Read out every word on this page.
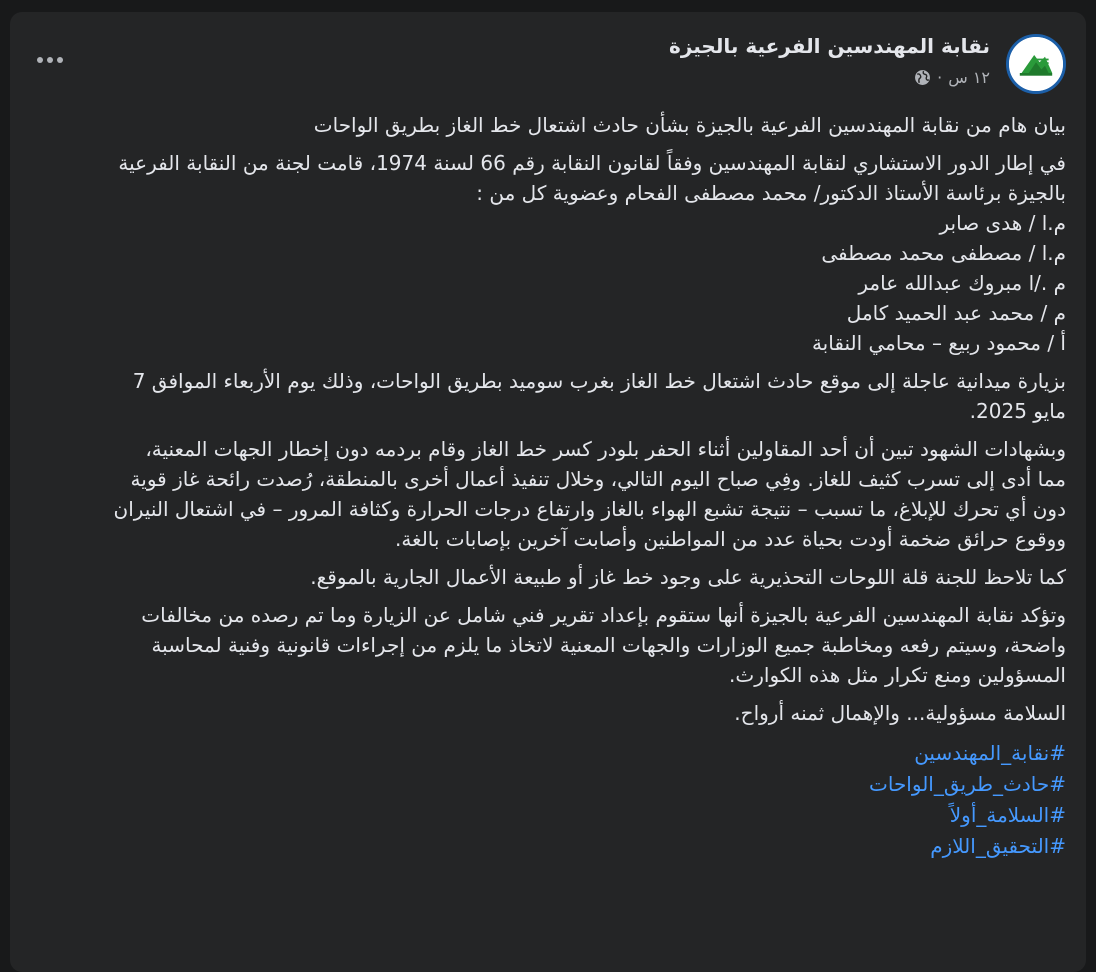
نقابة المهندسين الفرعية بالجيزة
١٢ س
·

بيان هام من نقابة المهندسين الفرعية بالجيزة بشأن حادث اشتعال خط الغاز بطريق الواحات

في إطار الدور الاستشاري لنقابة المهندسين وفقاً لقانون النقابة رقم 66 لسنة 1974، قامت لجنة من النقابة الفرعية
بالجيزة برئاسة الأستاذ الدكتور/ محمد مصطفى الفحام وعضوية كل من :
م.ا / هدى صابر
م.ا / مصطفى محمد مصطفى
م ./ا مبروك عبدالله عامر
م / محمد عبد الحميد كامل
أ / محمود ربيع – محامي النقابة

بزيارة ميدانية عاجلة إلى موقع حادث اشتعال خط الغاز بغرب سوميد بطريق الواحات، وذلك يوم الأربعاء الموافق 7
مايو 2025.

وبشهادات الشهود تبين أن أحد المقاولين أثناء الحفر بلودر كسر خط الغاز وقام بردمه دون إخطار الجهات المعنية،
مما أدى إلى تسرب كثيف للغاز. وفِي صباح اليوم التالي، وخلال تنفيذ أعمال أخرى بالمنطقة، رُصدت رائحة غاز قوية
دون أي تحرك للإبلاغ، ما تسبب – نتيجة تشبع الهواء بالغاز وارتفاع درجات الحرارة وكثافة المرور – في اشتعال النيران
ووقوع حرائق ضخمة أودت بحياة عدد من المواطنين وأصابت آخرين بإصابات بالغة.

كما تلاحظ للجنة قلة اللوحات التحذيرية على وجود خط غاز أو طبيعة الأعمال الجارية بالموقع.

وتؤكد نقابة المهندسين الفرعية بالجيزة أنها ستقوم بإعداد تقرير فني شامل عن الزيارة وما تم رصده من مخالفات
واضحة، وسيتم رفعه ومخاطبة جميع الوزارات والجهات المعنية لاتخاذ ما يلزم من إجراءات قانونية وفنية لمحاسبة
المسؤولين ومنع تكرار مثل هذه الكوارث.

السلامة مسؤولية... والإهمال ثمنه أرواح.

#نقابة_المهندسين
#حادث_طريق_الواحات
#السلامة_أولاً
#التحقيق_اللازم
